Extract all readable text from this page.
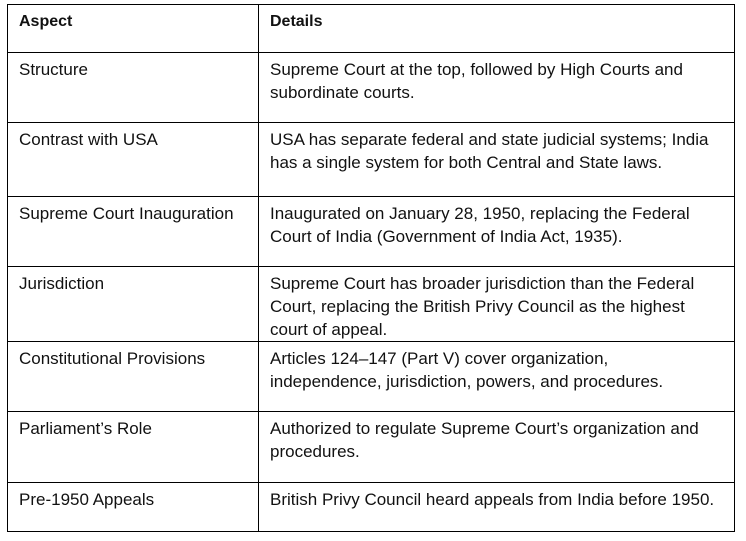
Aspect	Details
Structure	Supreme Court at the top, followed by High Courts and subordinate courts.
Contrast with USA	USA has separate federal and state judicial systems; India has a single system for both Central and State laws.
Supreme Court Inauguration	Inaugurated on January 28, 1950, replacing the Federal Court of India (Government of India Act, 1935).
Jurisdiction	Supreme Court has broader jurisdiction than the Federal Court, replacing the British Privy Council as the highest court of appeal.
Constitutional Provisions	Articles 124–147 (Part V) cover organization, independence, jurisdiction, powers, and procedures.
Parliament’s Role	Authorized to regulate Supreme Court’s organization and procedures.
Pre-1950 Appeals	British Privy Council heard appeals from India before 1950.
